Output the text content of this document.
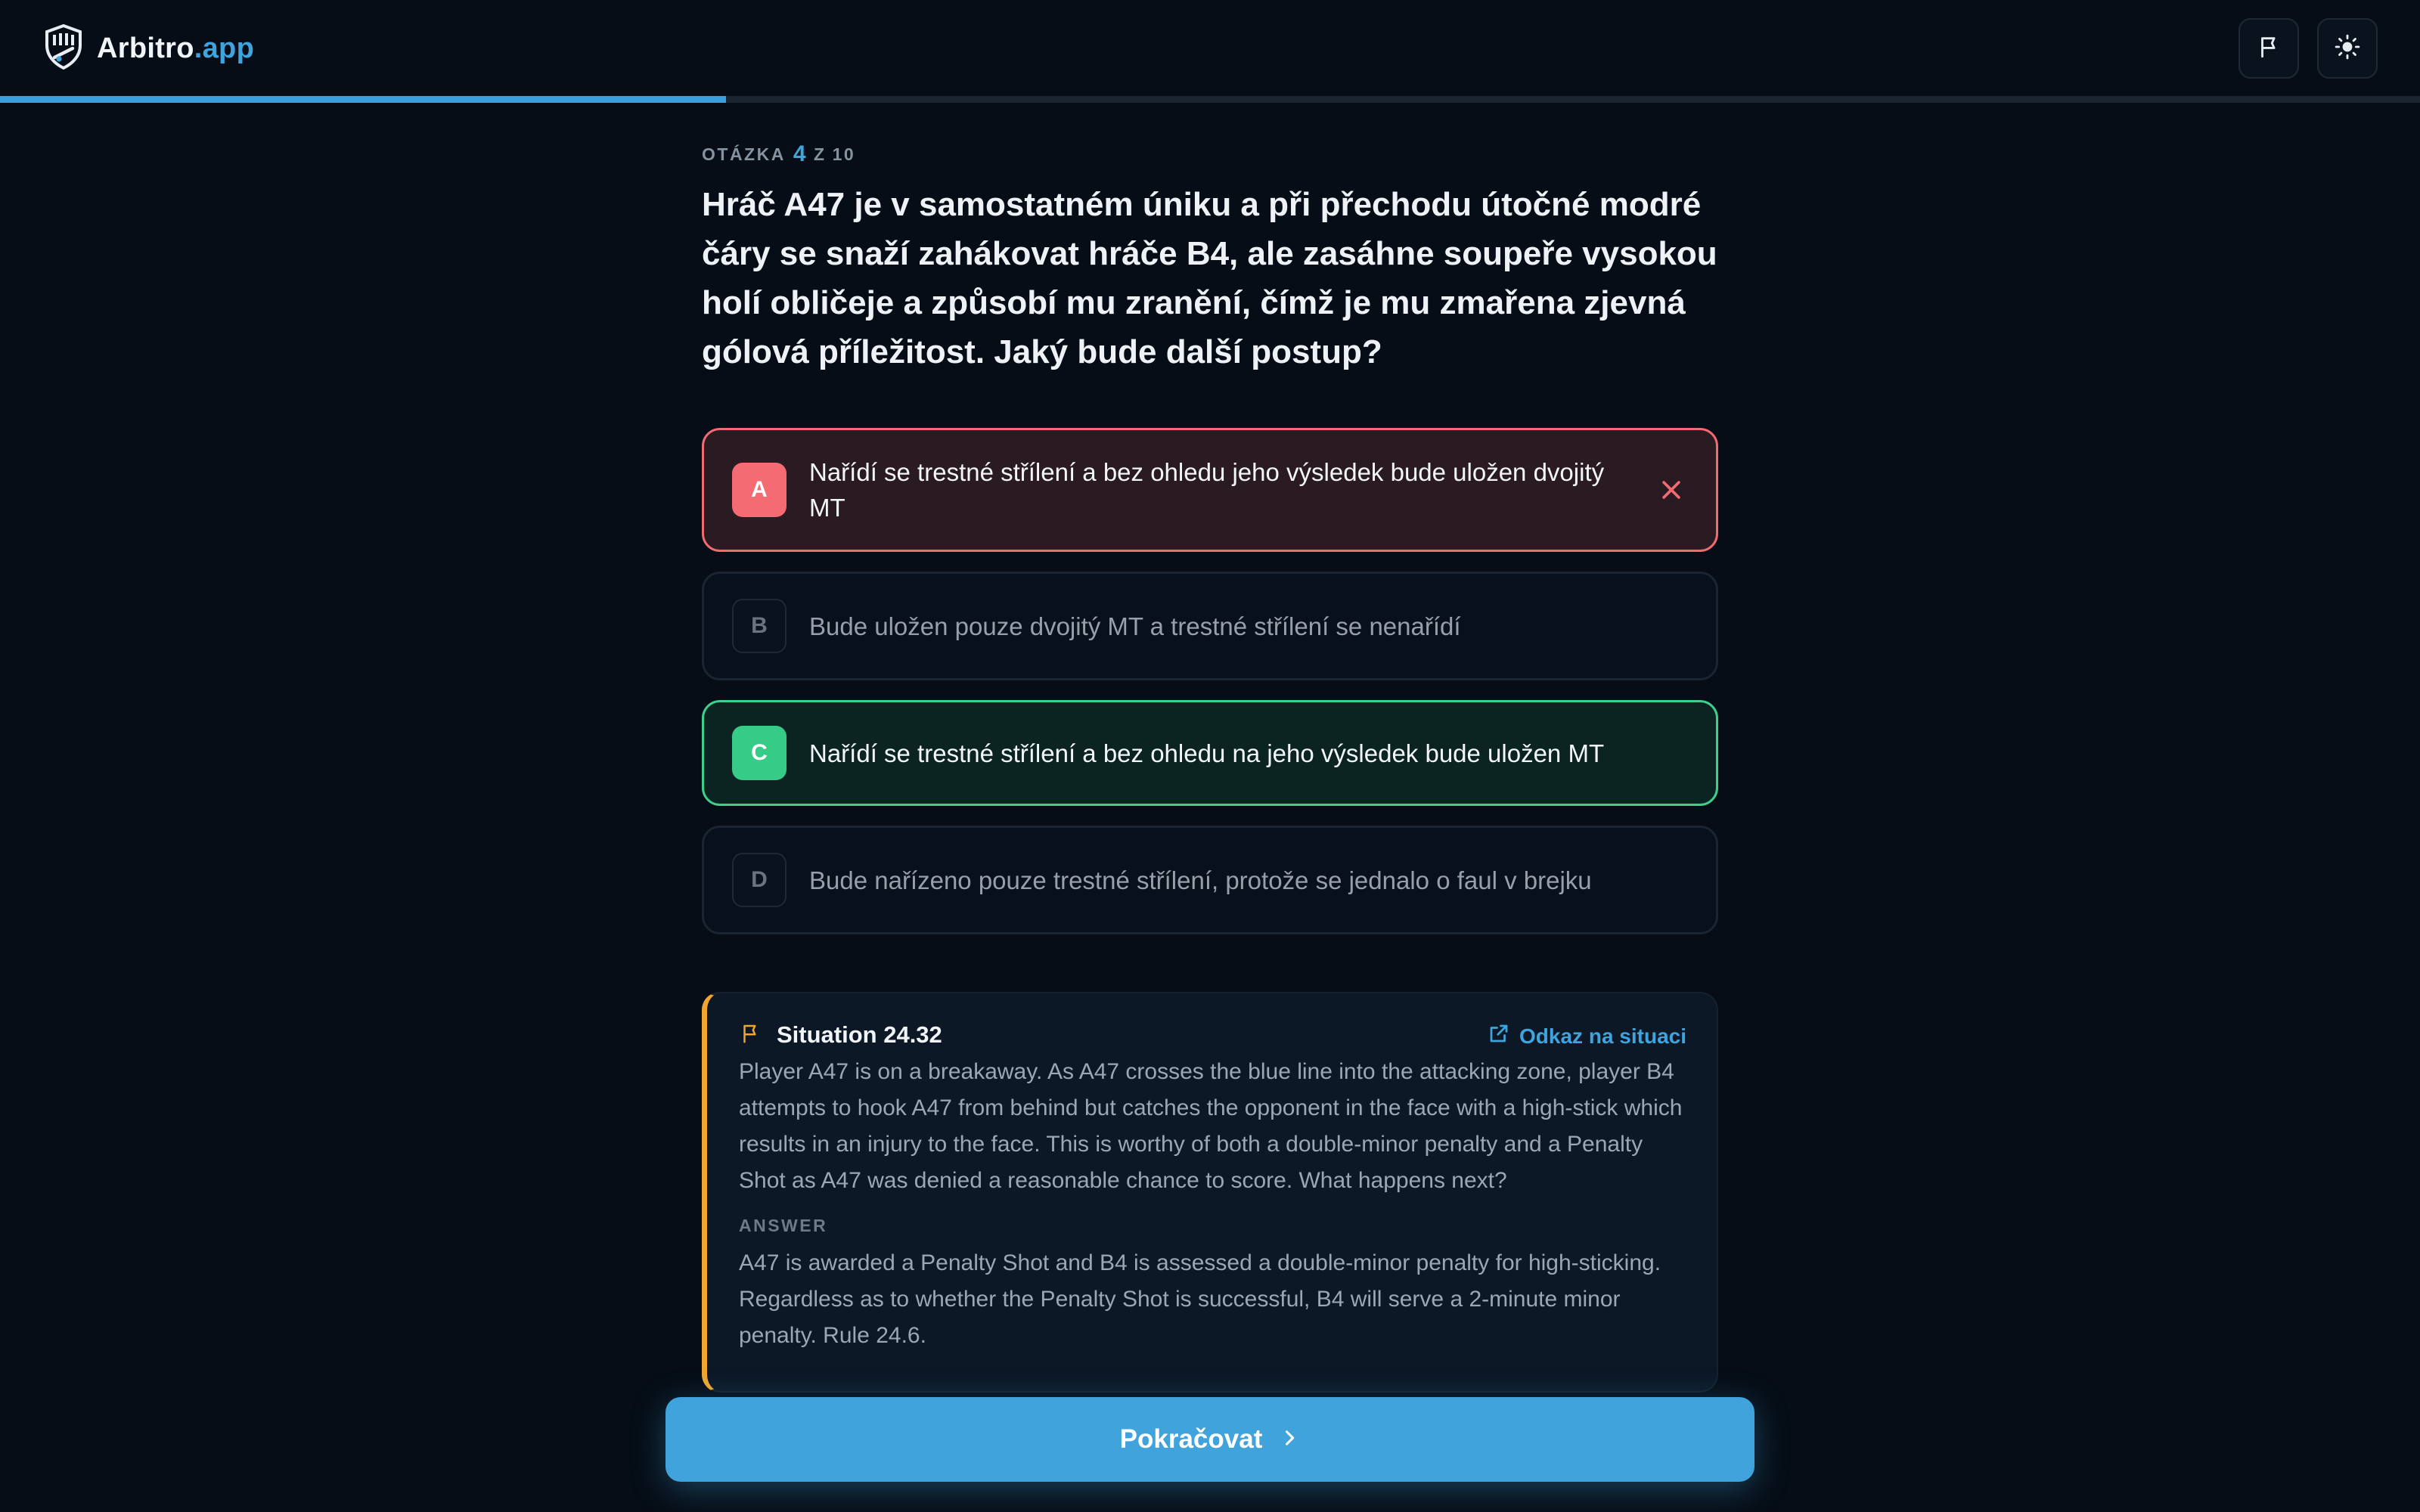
Arbitro.app
OTÁZKA 4 Z 10
Hráč A47 je v samostatném úniku a při přechodu útočné modré čáry se snaží zahákovat hráče B4, ale zasáhne soupeře vysokou holí obličeje a způsobí mu zranění, čímž je mu zmařena zjevná gólová příležitost. Jaký bude další postup?
A
Nařídí se trestné střílení a bez ohledu jeho výsledek bude uložen dvojitý MT
B	Bude uložen pouze dvojitý MT a trestné střílení se nenařídí
C	Nařídí se trestné střílení a bez ohledu na jeho výsledek bude uložen MT
D	Bude nařízeno pouze trestné střílení, protože se jednalo o faul v brejku
Situation 24.32	Odkaz na situaci
Player A47 is on a breakaway. As A47 crosses the blue line into the attacking zone, player B4 attempts to hook A47 from behind but catches the opponent in the face with a high-stick which results in an injury to the face. This is worthy of both a double-minor penalty and a Penalty Shot as A47 was denied a reasonable chance to score. What happens next?
ANSWER
A47 is awarded a Penalty Shot and B4 is assessed a double-minor penalty for high-sticking. Regardless as to whether the Penalty Shot is successful, B4 will serve a 2-minute minor penalty. Rule 24.6.
Pokračovat
